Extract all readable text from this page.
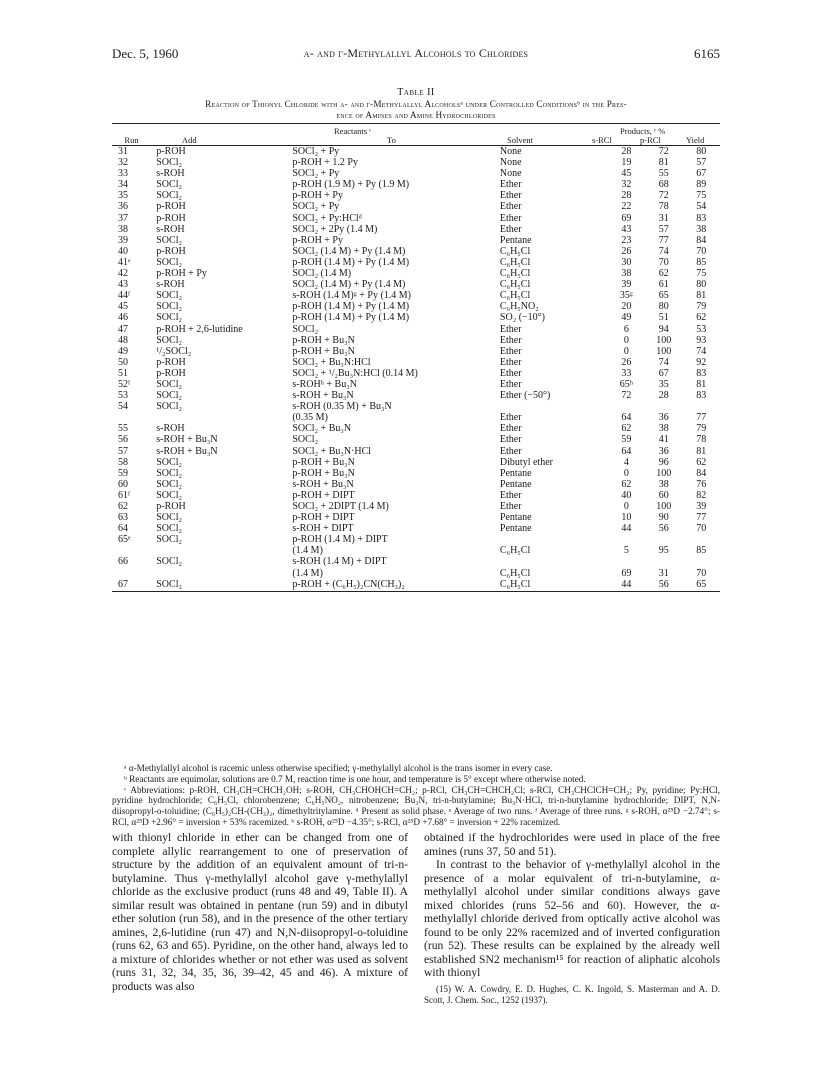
Dec. 5, 1960	α- and γ-Methylallyl Alcohols to Chlorides	6165
Table II
Reaction of Thionyl Chloride with α- and γ-Methylallyl Alcoholsᵃ under Controlled Conditionsᵇ in the Pres-
ence of Amines and Amine Hydrochlorides
Reactants ᶜ	Products, ᶜ %
Run	Add	To	Solvent	s-RCl	p-RCl	Yield
31	p-ROH	SOCl₂ + Py	None	28	72	80
32	SOCl₂	p-ROH + 1.2 Py	None	19	81	57
33	s-ROH	SOCl₂ + Py	None	45	55	67
34	SOCl₂	p-ROH (1.9 M) + Py (1.9 M)	Ether	32	68	89
35	SOCl₂	p-ROH + Py	Ether	28	72	75
36	p-ROH	SOCl₂ + Py	Ether	22	78	54
37	p-ROH	SOCl₂ + Py:HClᵈ	Ether	69	31	83
38	s-ROH	SOCl₂ + 2Py (1.4 M)	Ether	43	57	38
39	SOCl₂	p-ROH + Py	Pentane	23	77	84
40	p-ROH	SOCl₂ (1.4 M) + Py (1.4 M)	C₆H₅Cl	26	74	70
41ᵉ	SOCl₂	p-ROH (1.4 M) + Py (1.4 M)	C₆H₅Cl	30	70	85
42	p-ROH + Py	SOCl₂ (1.4 M)	C₆H₅Cl	38	62	75
43	s-ROH	SOCl₂ (1.4 M) + Py (1.4 M)	C₆H₅Cl	39	61	80
44ᶠ	SOCl₂	s-ROH (1.4 M)ᵍ + Py (1.4 M)	C₆H₅Cl	35ᵍ	65	81
45	SOCl₂	p-ROH (1.4 M) + Py (1.4 M)	C₆H₅NO₂	20	80	79
46	SOCl₂	p-ROH (1.4 M) + Py (1.4 M)	SO₂ (−10°)	49	51	62
47	p-ROH + 2,6-lutidine	SOCl₂	Ether	6	94	53
48	SOCl₂	p-ROH + Bu₃N	Ether	0	100	93
49	¹/₂SOCl₂	p-ROH + Bu₃N	Ether	0	100	74
50	p-ROH	SOCl₂ + Bu₃N:HCl	Ether	26	74	92
51	p-ROH	SOCl₂ + ¹/₂Bu₃N:HCl (0.14 M)	Ether	33	67	83
52ᶠ	SOCl₂	s-ROHʰ + Bu₃N	Ether	65ʰ	35	81
53	SOCl₂	s-ROH + Bu₃N	Ether (−50°)	72	28	83
54	SOCl₂	s-ROH (0.35 M) + Bu₃N				
		(0.35 M)	Ether	64	36	77
55	s-ROH	SOCl₂ + Bu₃N	Ether	62	38	79
56	s-ROH + Bu₃N	SOCl₂	Ether	59	41	78
57	s-ROH + Bu₃N	SOCl₂ + Bu₃N·HCl	Ether	64	36	81
58	SOCl₂	p-ROH + Bu₃N	Dibutyl ether	4	96	62
59	SOCl₂	p-ROH + Bu₃N	Pentane	0	100	84
60	SOCl₂	s-ROH + Bu₃N	Pentane	62	38	76
61ᶠ	SOCl₂	p-ROH + DIPT	Ether	40	60	82
62	p-ROH	SOCl₂ + 2DIPT (1.4 M)	Ether	0	100	39
63	SOCl₂	p-ROH + DIPT	Pentane	10	90	77
64	SOCl₂	s-ROH + DIPT	Pentane	44	56	70
65ᵉ	SOCl₂	p-ROH (1.4 M) + DIPT				
		(1.4 M)	C₆H₅Cl	5	95	85
66	SOCl₂	s-ROH (1.4 M) + DIPT				
		(1.4 M)	C₆H₅Cl	69	31	70
67	SOCl₂	p-ROH + (C₆H₅)₂CN(CH₃)₂	C₆H₅Cl	44	56	65

ᵃ α-Methylallyl alcohol is racemic unless otherwise specified; γ-methylallyl alcohol is the trans isomer in every case.

ᵇ Reactants are equimolar, solutions are 0.7 M, reaction time is one hour, and temperature is 5° except where otherwise noted.

ᶜ Abbreviations: p-ROH, CH₃CH=CHCH₂OH; s-ROH, CH₃CHOHCH=CH₂; p-RCl, CH₃CH=CHCH₂Cl; s-RCl, CH₃CHClCH=CH₂; Py, pyridine; Py:HCl, pyridine hydrochloride; C₆H₅Cl, chlorobenzene; C₆H₅NO₂, nitrobenzene; Bu₃N, tri-n-butylamine; Bu₃N·HCl, tri-n-butylamine hydrochloride; DIPT, N,N-diisopropyl-o-toluidine; (C₆H₅)₂CH-(CH₃)₂, dimethyltritylamine. ᵈ Present as solid phase. ᵉ Average of two runs. ᶠ Average of three runs. ᵍ s-ROH, α²⁵D −2.74°; s-RCl, α²⁵D +2.96° = inversion + 53% racemized. ʰ s-ROH, α²⁵D −4.35°; s-RCl, α²⁵D +7.68° = inversion + 22% racemized.

with thionyl chloride in ether can be changed from one of complete allylic rearrangement to one of preservation of structure by the addition of an equivalent amount of tri-n-butylamine. Thus γ-methylallyl alcohol gave γ-methylallyl chloride as the exclusive product (runs 48 and 49, Table II). A similar result was obtained in pentane (run 59) and in dibutyl ether solution (run 58), and in the presence of the other tertiary amines, 2,6-lutidine (run 47) and N,N-diisopropyl-o-toluidine (runs 62, 63 and 65). Pyridine, on the other hand, always led to a mixture of chlorides whether or not ether was used as solvent (runs 31, 32, 34, 35, 36, 39–42, 45 and 46). A mixture of products was also

obtained if the hydrochlorides were used in place of the free amines (runs 37, 50 and 51).

In contrast to the behavior of γ-methylallyl alcohol in the presence of a molar equivalent of tri-n-butylamine, α-methylallyl alcohol under similar conditions always gave mixed chlorides (runs 52–56 and 60). However, the α-methylallyl chloride derived from optically active alcohol was found to be only 22% racemized and of inverted configuration (run 52). These results can be explained by the already well established SN2 mechanism¹⁵ for reaction of aliphatic alcohols with thionyl

(15) W. A. Cowdry, E. D. Hughes, C. K. Ingold, S. Masterman and A. D. Scott, J. Chem. Soc., 1252 (1937).
